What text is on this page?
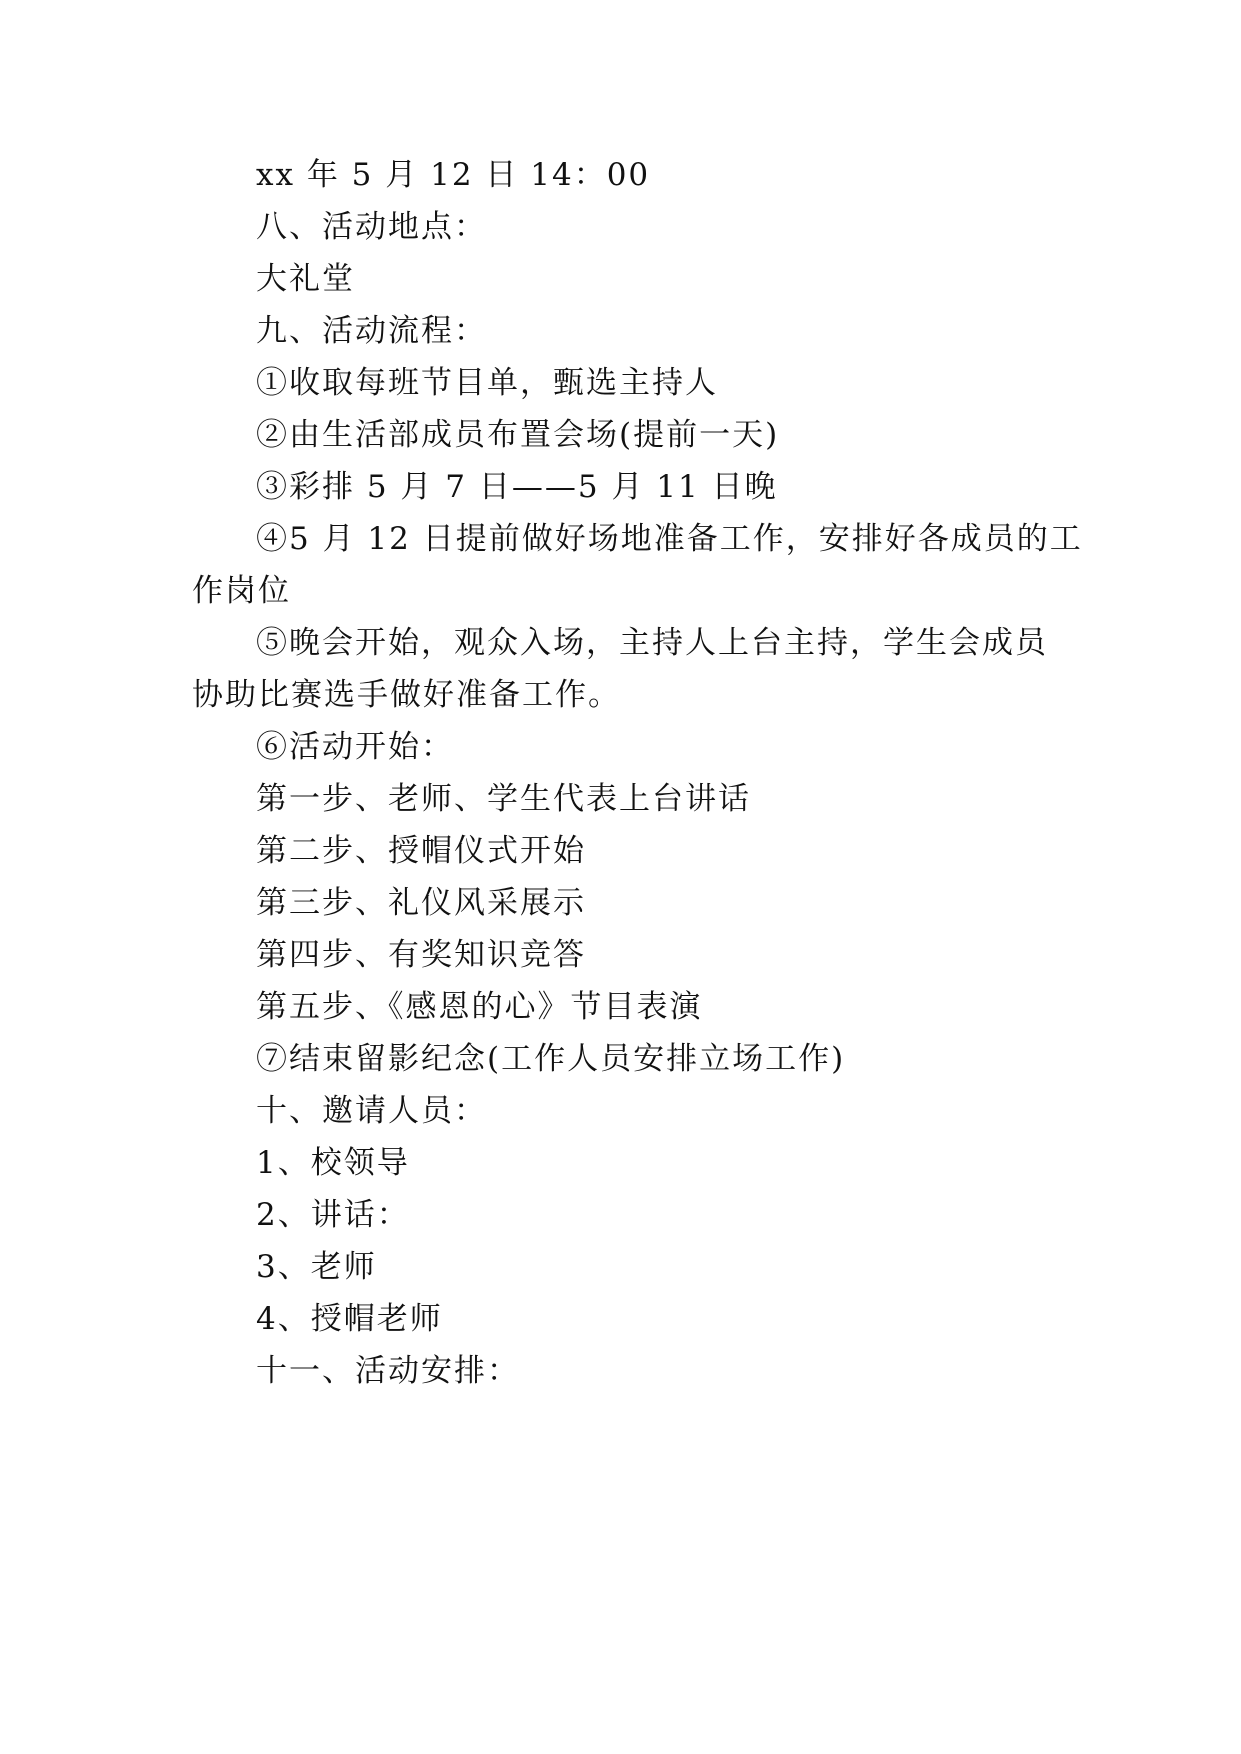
xx 年 5 月 12 日 14：00
八、活动地点：
大礼堂
九、活动流程：
①收取每班节目单，甄选主持人
②由生活部成员布置会场(提前一天)
③彩排 5 月 7 日——5 月 11 日晚
④5 月 12 日提前做好场地准备工作，安排好各成员的工
作岗位
⑤晚会开始，观众入场，主持人上台主持，学生会成员
协助比赛选手做好准备工作。
⑥活动开始：
第一步、老师、学生代表上台讲话
第二步、授帽仪式开始
第三步、礼仪风采展示
第四步、有奖知识竞答
第五步、《感恩的心》节目表演
⑦结束留影纪念(工作人员安排立场工作)
十、邀请人员：
1、校领导
2、讲话：
3、老师
4、授帽老师
十一、活动安排：
